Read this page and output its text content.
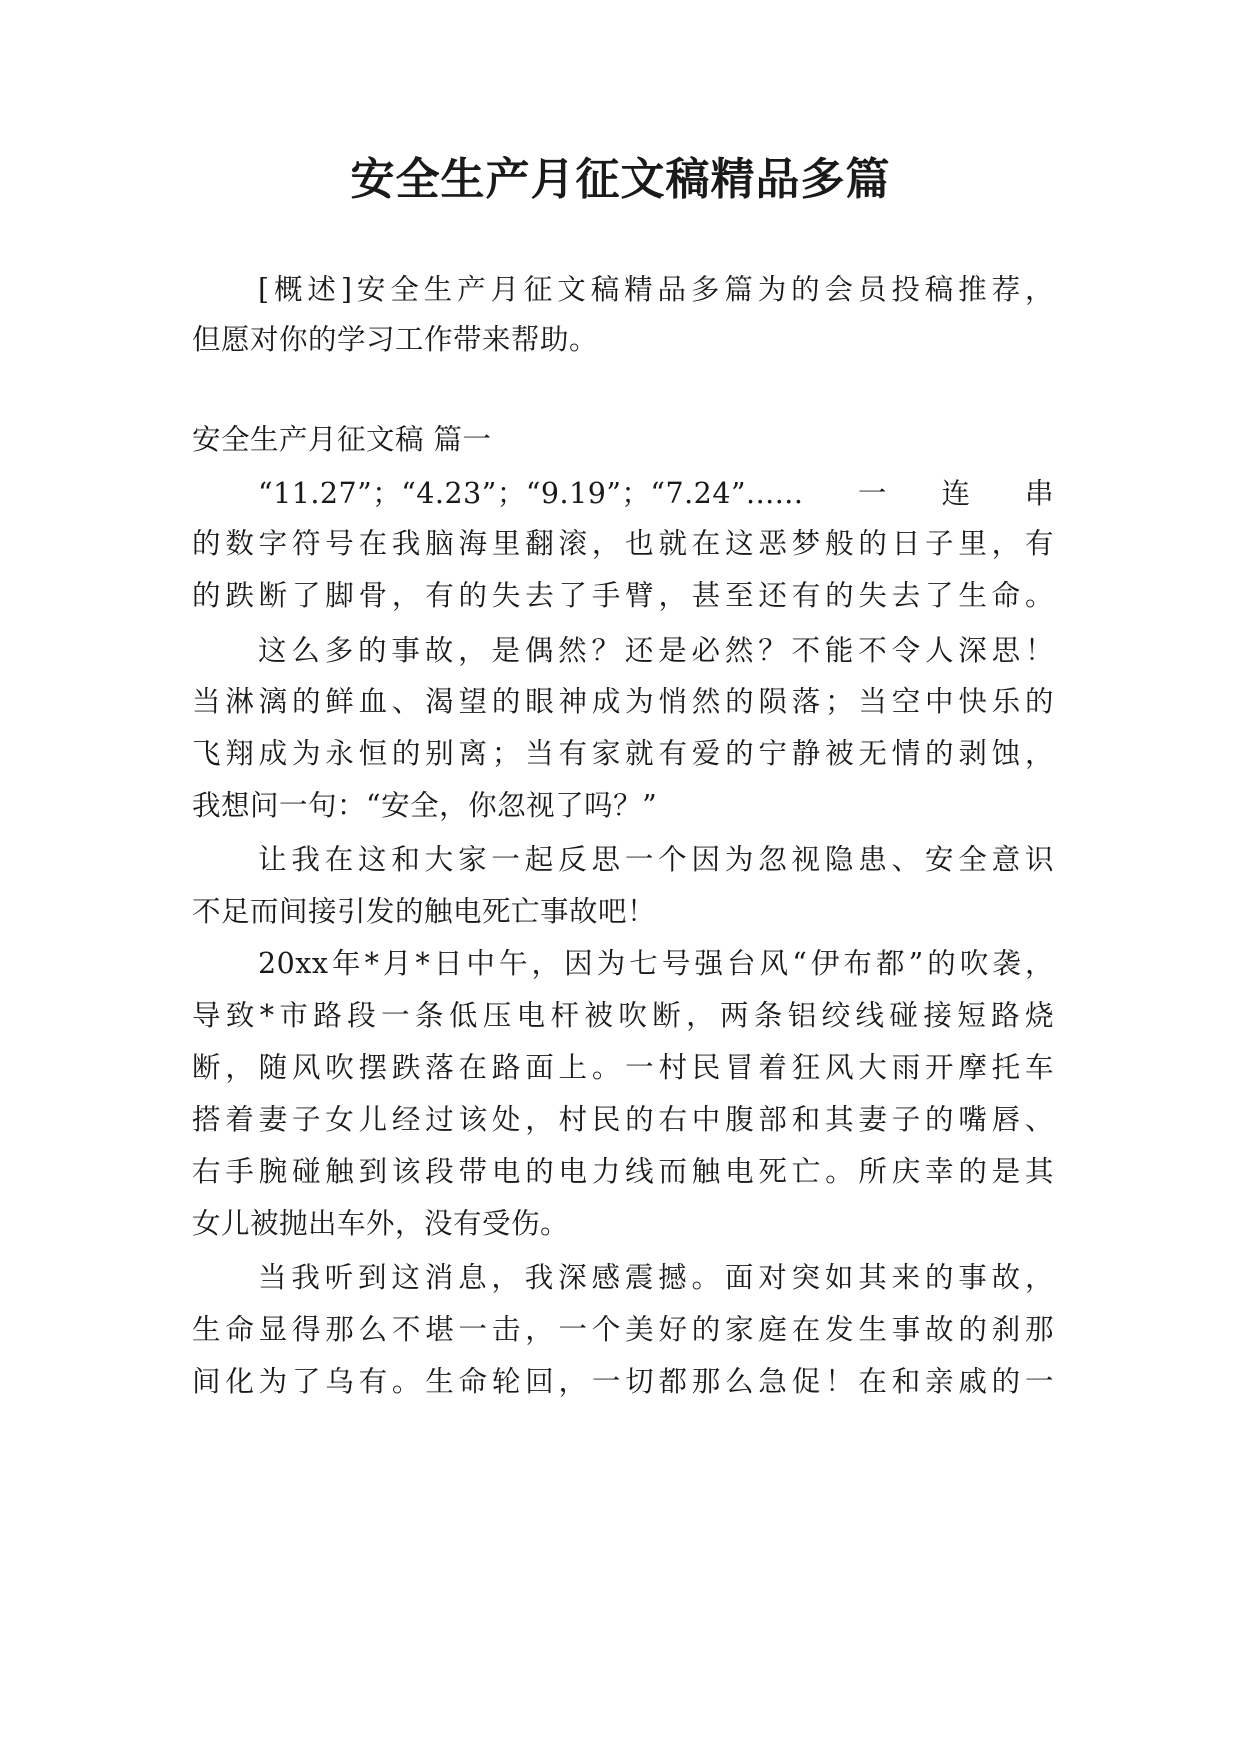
安全生产月征文稿精品多篇
[概述]安全生产月征文稿精品多篇为的会员投稿推荐，
但愿对你的学习工作带来帮助。
安全生产月征文稿 篇一
“11.27”；“4.23”；“9.19”；“7.24”......一连串
的数字符号在我脑海里翻滚，也就在这恶梦般的日子里，有
的跌断了脚骨，有的失去了手臂，甚至还有的失去了生命。
这么多的事故，是偶然？还是必然？不能不令人深思！
当淋漓的鲜血、渴望的眼神成为悄然的陨落；当空中快乐的
飞翔成为永恒的别离；当有家就有爱的宁静被无情的剥蚀，
我想问一句：“安全，你忽视了吗？”
让我在这和大家一起反思一个因为忽视隐患、安全意识
不足而间接引发的触电死亡事故吧！
20xx年*月*日中午，因为七号强台风“伊布都”的吹袭，
导致*市路段一条低压电杆被吹断，两条铝绞线碰接短路烧
断，随风吹摆跌落在路面上。一村民冒着狂风大雨开摩托车
搭着妻子女儿经过该处，村民的右中腹部和其妻子的嘴唇、
右手腕碰触到该段带电的电力线而触电死亡。所庆幸的是其
女儿被抛出车外，没有受伤。
当我听到这消息，我深感震撼。面对突如其来的事故，
生命显得那么不堪一击，一个美好的家庭在发生事故的刹那
间化为了乌有。生命轮回，一切都那么急促！在和亲戚的一
